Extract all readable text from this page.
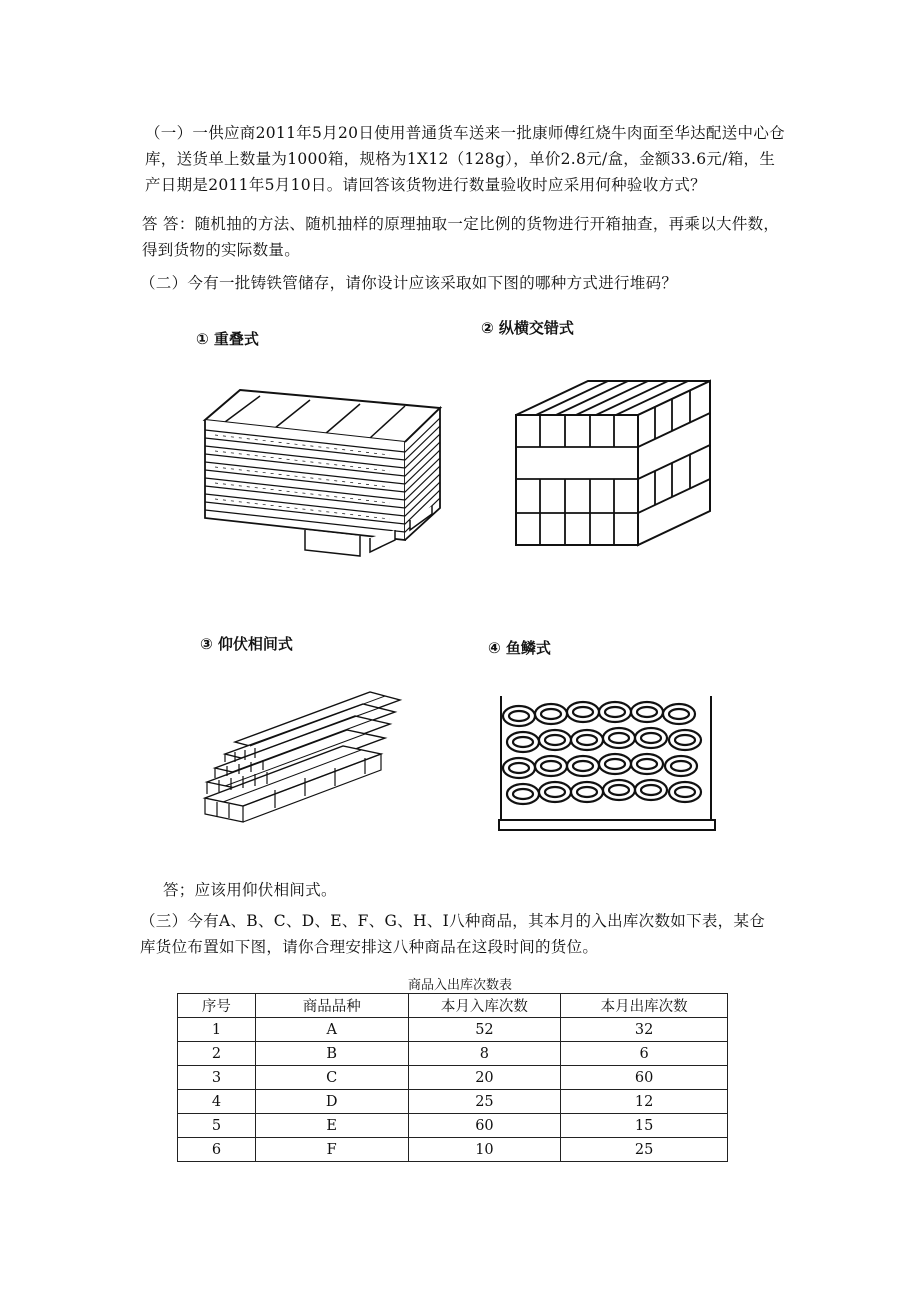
（一）一供应商2011年5月20日使用普通货车送来一批康师傅红烧牛肉面至华达配送中心仓库，送货单上数量为1000箱，规格为1X12（128g），单价2.8元/盒，金额33.6元/箱，生产日期是2011年5月10日。请回答该货物进行数量验收时应采用何种验收方式？

答 答：随机抽的方法、随机抽样的原理抽取一定比例的货物进行开箱抽查，再乘以大件数，得到货物的实际数量。

（二）今有一批铸铁管储存，请你设计应该采取如下图的哪种方式进行堆码？

① 重叠式
② 纵横交错式
③ 仰伏相间式	④ 鱼鳞式

答；应该用仰伏相间式。

（三）今有A、B、C、D、E、F、G、H、I八种商品，其本月的入出库次数如下表，某仓库货位布置如下图，请你合理安排这八种商品在这段时间的货位。

商品入出库次数表
序号	商品品种	本月入库次数	本月出库次数
1	A	52	32
2	B	8	6
3	C	20	60
4	D	25	12
5	E	60	15
6	F	10	25
